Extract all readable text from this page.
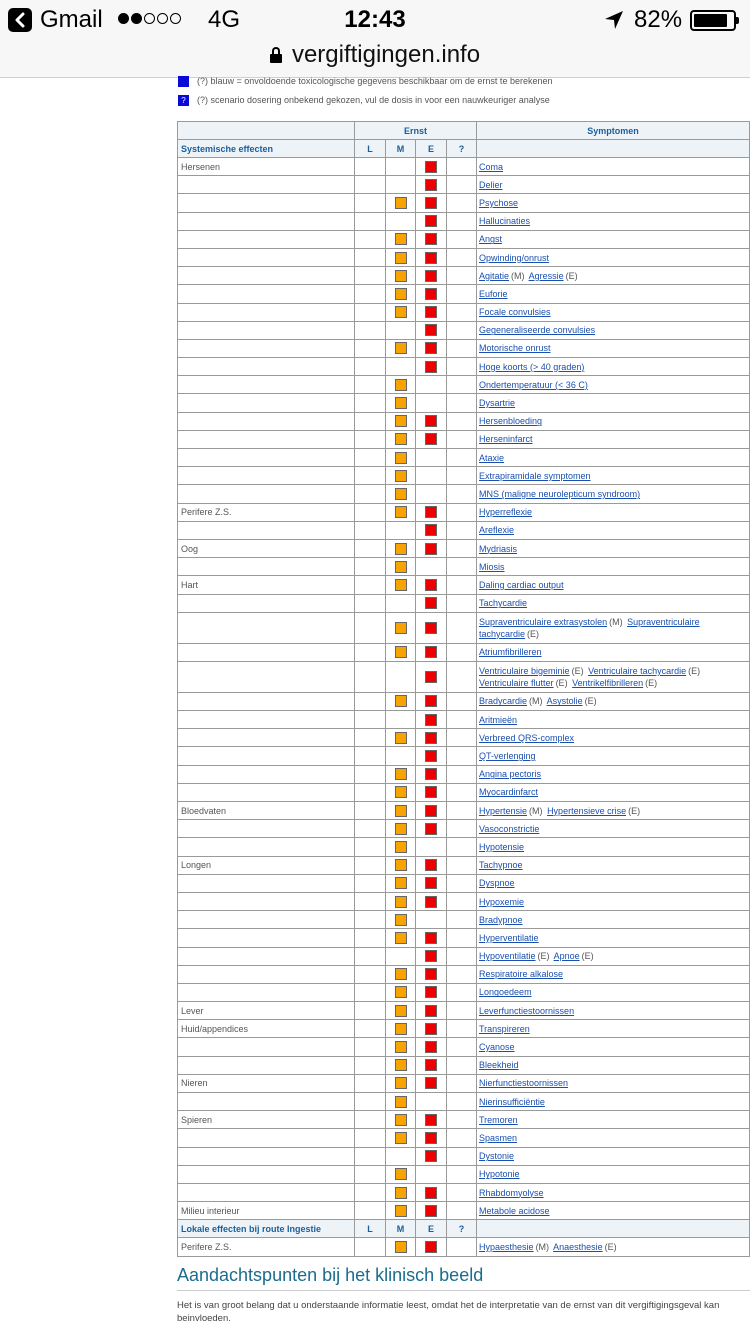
Gmail	4G	12:43	82%
vergiftigingen.info
(?) blauw = onvoldoende toxicologische gegevens beschikbaar om de ernst te berekenen
? (?) scenario dosering onbekend gekozen, vul de dosis in voor een nauwkeuriger analyse
	Ernst				Symptomen
Systemische effecten	L	M	E	?	
Hersenen					Coma
					Delier
					Psychose
					Hallucinaties
					Angst
					Opwinding/onrust
					Agitatie (M) Agressie (E)
					Euforie
					Focale convulsies
					Gegeneraliseerde convulsies
					Motorische onrust
					Hoge koorts (> 40 graden)
					Ondertemperatuur (< 36 C)
					Dysartrie
					Hersenbloeding
					Herseninfarct
					Ataxie
					Extrapiramidale symptomen
					MNS (maligne neurolepticum syndroom)
Perifere Z.S.					Hyperreflexie
					Areflexie
Oog					Mydriasis
					Miosis
Hart					Daling cardiac output
					Tachycardie
					Supraventriculaire extrasystolen (M) Supraventriculaire tachycardie (E)
					Atriumfibrilleren
					Ventriculaire bigeminie (E) Ventriculaire tachycardie (E) Ventriculaire flutter (E) Ventrikelfibrilleren (E)
					Bradycardie (M) Asystolie (E)
					Aritmieën
					Verbreed QRS-complex
					QT-verlenging
					Angina pectoris
					Myocardinfarct
Bloedvaten					Hypertensie (M) Hypertensieve crise (E)
					Vasoconstrictie
					Hypotensie
Longen					Tachypnoe
					Dyspnoe
					Hypoxemie
					Bradypnoe
					Hyperventilatie
					Hypoventilatie (E) Apnoe (E)
					Respiratoire alkalose
					Longoedeem
Lever					Leverfunctiestoornissen
Huid/appendices					Transpireren
					Cyanose
					Bleekheid
Nieren					Nierfunctiestoornissen
					Nierinsufficiëntie
Spieren					Tremoren
					Spasmen
					Dystonie
					Hypotonie
					Rhabdomyolyse
Milieu interieur					Metabole acidose
Lokale effecten bij route Ingestie	L	M	E	?	
Perifere Z.S.					Hypaesthesie (M) Anaesthesie (E)
Aandachtspunten bij het klinisch beeld

Het is van groot belang dat u onderstaande informatie leest, omdat het de interpretatie van de ernst van dit vergiftigingsgeval kan beinvloeden.
